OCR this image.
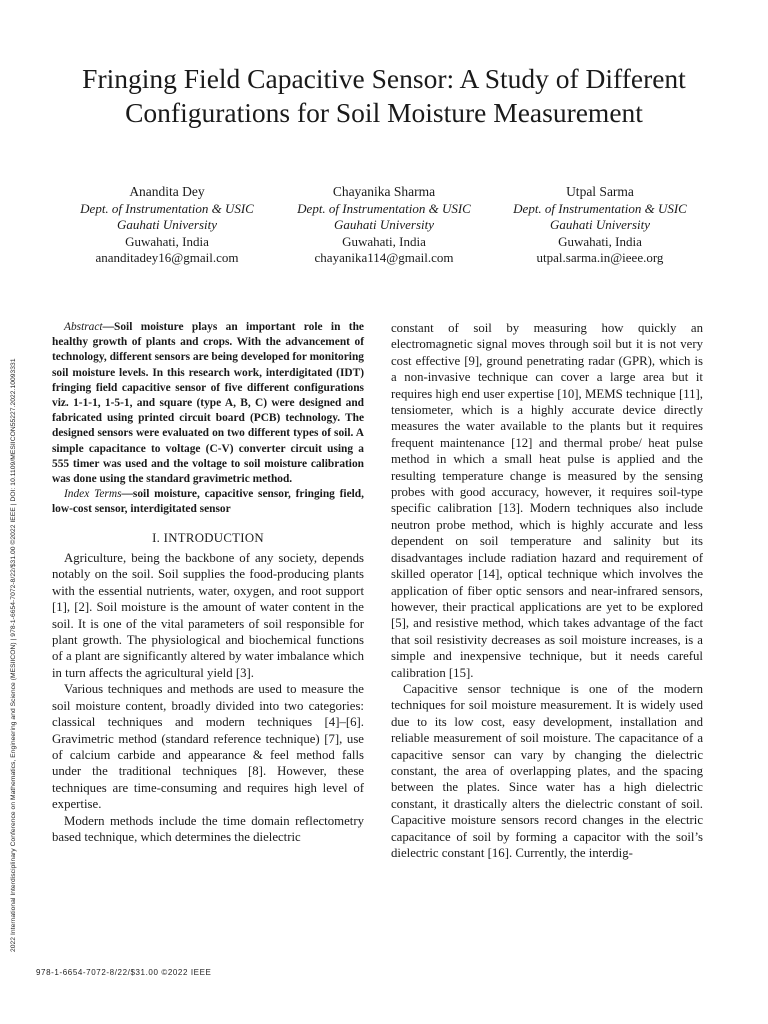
2022 International Interdisciplinary Conference on Mathematics, Engineering and Science (MESIICON) | 978-1-6654-7072-8/22/$31.00 ©2022 IEEE | DOI: 10.1109/MESIICON55227.2022.10093331
Fringing Field Capacitive Sensor: A Study of Different Configurations for Soil Moisture Measurement
Anandita Dey
Dept. of Instrumentation & USIC
Gauhati University
Guwahati, India
ananditadey16@gmail.com
Chayanika Sharma
Dept. of Instrumentation & USIC
Gauhati University
Guwahati, India
chayanika114@gmail.com
Utpal Sarma
Dept. of Instrumentation & USIC
Gauhati University
Guwahati, India
utpal.sarma.in@ieee.org

Abstract—Soil moisture plays an important role in the healthy growth of plants and crops. With the advancement of technology, different sensors are being developed for monitoring soil moisture levels. In this research work, interdigitated (IDT) fringing field capacitive sensor of five different configurations viz. 1-1-1, 1-5-1, and square (type A, B, C) were designed and fabricated using printed circuit board (PCB) technology. The designed sensors were evaluated on two different types of soil. A simple capacitance to voltage (C-V) converter circuit using a 555 timer was used and the voltage to soil moisture calibration was done using the standard gravimetric method.

Index Terms—soil moisture, capacitive sensor, fringing field, low-cost sensor, interdigitated sensor

I. INTRODUCTION

Agriculture, being the backbone of any society, depends notably on the soil. Soil supplies the food-producing plants with the essential nutrients, water, oxygen, and root support [1], [2]. Soil moisture is the amount of water content in the soil. It is one of the vital parameters of soil responsible for plant growth. The physiological and biochemical functions of a plant are significantly altered by water imbalance which in turn affects the agricultural yield [3].

Various techniques and methods are used to measure the soil moisture content, broadly divided into two categories: classical techniques and modern techniques [4]–[6]. Gravimetric method (standard reference technique) [7], use of calcium carbide and appearance & feel method falls under the traditional techniques [8]. However, these techniques are time-consuming and requires high level of expertise.

Modern methods include the time domain reflectometry based technique, which determines the dielectric

constant of soil by measuring how quickly an electromagnetic signal moves through soil but it is not very cost effective [9], ground penetrating radar (GPR), which is a non-invasive technique can cover a large area but it requires high end user expertise [10], MEMS technique [11], tensiometer, which is a highly accurate device directly measures the water available to the plants but it requires frequent maintenance [12] and thermal probe/ heat pulse method in which a small heat pulse is applied and the resulting temperature change is measured by the sensing probes with good accuracy, however, it requires soil-type specific calibration [13]. Modern techniques also include neutron probe method, which is highly accurate and less dependent on soil temperature and salinity but its disadvantages include radiation hazard and requirement of skilled operator [14], optical technique which involves the application of fiber optic sensors and near-infrared sensors, however, their practical applications are yet to be explored [5], and resistive method, which takes advantage of the fact that soil resistivity decreases as soil moisture increases, is a simple and inexpensive technique, but it needs careful calibration [15].

Capacitive sensor technique is one of the modern techniques for soil moisture measurement. It is widely used due to its low cost, easy development, installation and reliable measurement of soil moisture. The capacitance of a capacitive sensor can vary by changing the dielectric constant, the area of overlapping plates, and the spacing between the plates. Since water has a high dielectric constant, it drastically alters the dielectric constant of soil. Capacitive moisture sensors record changes in the electric capacitance of soil by forming a capacitor with the soil’s dielectric constant [16]. Currently, the interdig-

978-1-6654-7072-8/22/$31.00 ©2022 IEEE
